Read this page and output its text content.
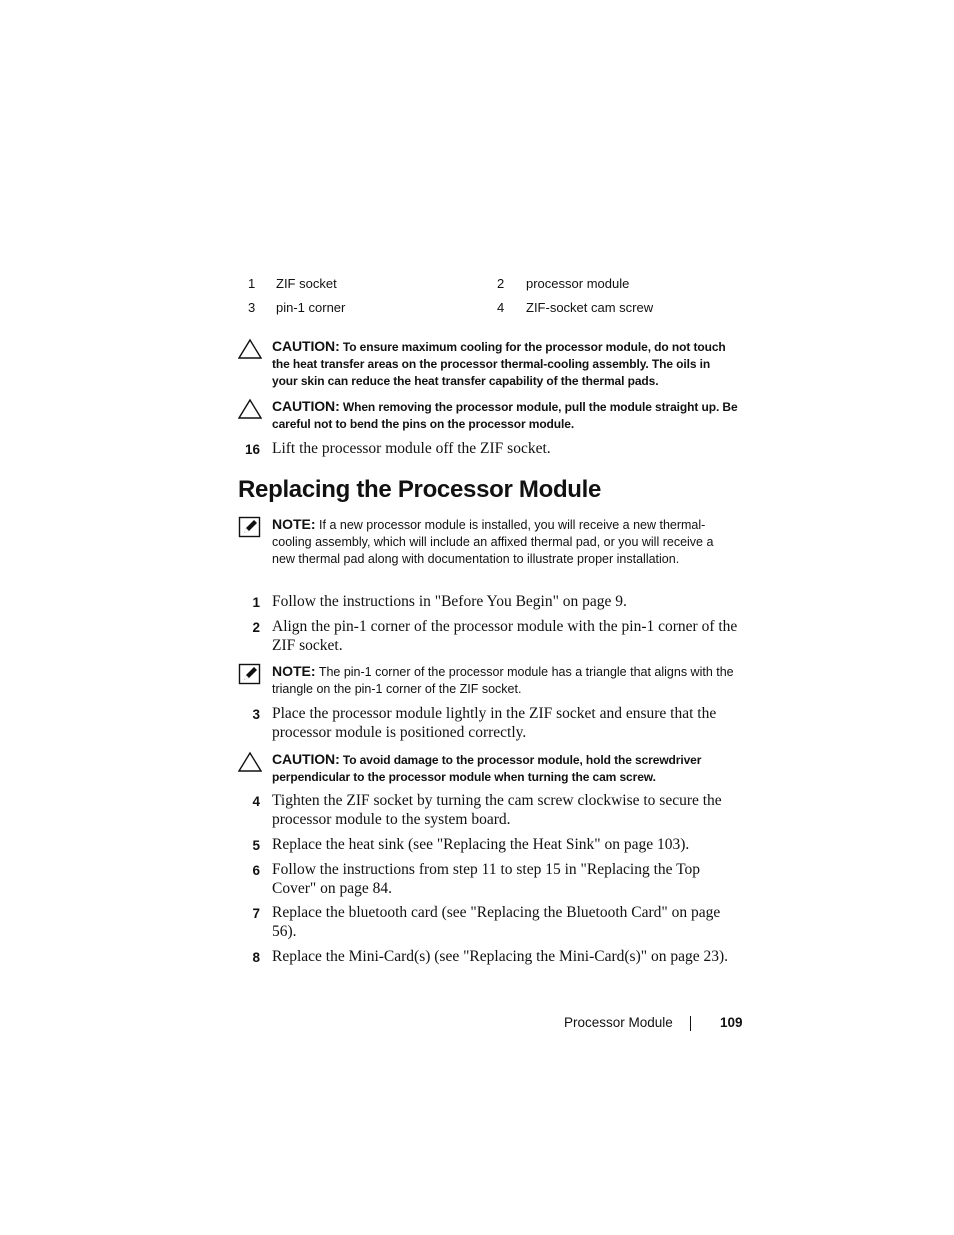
1 ZIF socket	2 processor module
3 pin-1 corner	4 ZIF-socket cam screw
CAUTION: To ensure maximum cooling for the processor module, do not touch the heat transfer areas on the processor thermal-cooling assembly. The oils in your skin can reduce the heat transfer capability of the thermal pads.
CAUTION: When removing the processor module, pull the module straight up. Be careful not to bend the pins on the processor module.
16 Lift the processor module off the ZIF socket.
Replacing the Processor Module
NOTE: If a new processor module is installed, you will receive a new thermal-cooling assembly, which will include an affixed thermal pad, or you will receive a new thermal pad along with documentation to illustrate proper installation.
1 Follow the instructions in "Before You Begin" on page 9.
2 Align the pin-1 corner of the processor module with the pin-1 corner of the ZIF socket.
NOTE: The pin-1 corner of the processor module has a triangle that aligns with the triangle on the pin-1 corner of the ZIF socket.
3 Place the processor module lightly in the ZIF socket and ensure that the processor module is positioned correctly.
CAUTION: To avoid damage to the processor module, hold the screwdriver perpendicular to the processor module when turning the cam screw.
4 Tighten the ZIF socket by turning the cam screw clockwise to secure the processor module to the system board.
5 Replace the heat sink (see "Replacing the Heat Sink" on page 103).
6 Follow the instructions from step 11 to step 15 in "Replacing the Top Cover" on page 84.
7 Replace the bluetooth card (see "Replacing the Bluetooth Card" on page 56).
8 Replace the Mini-Card(s) (see "Replacing the Mini-Card(s)" on page 23).
Processor Module	109
